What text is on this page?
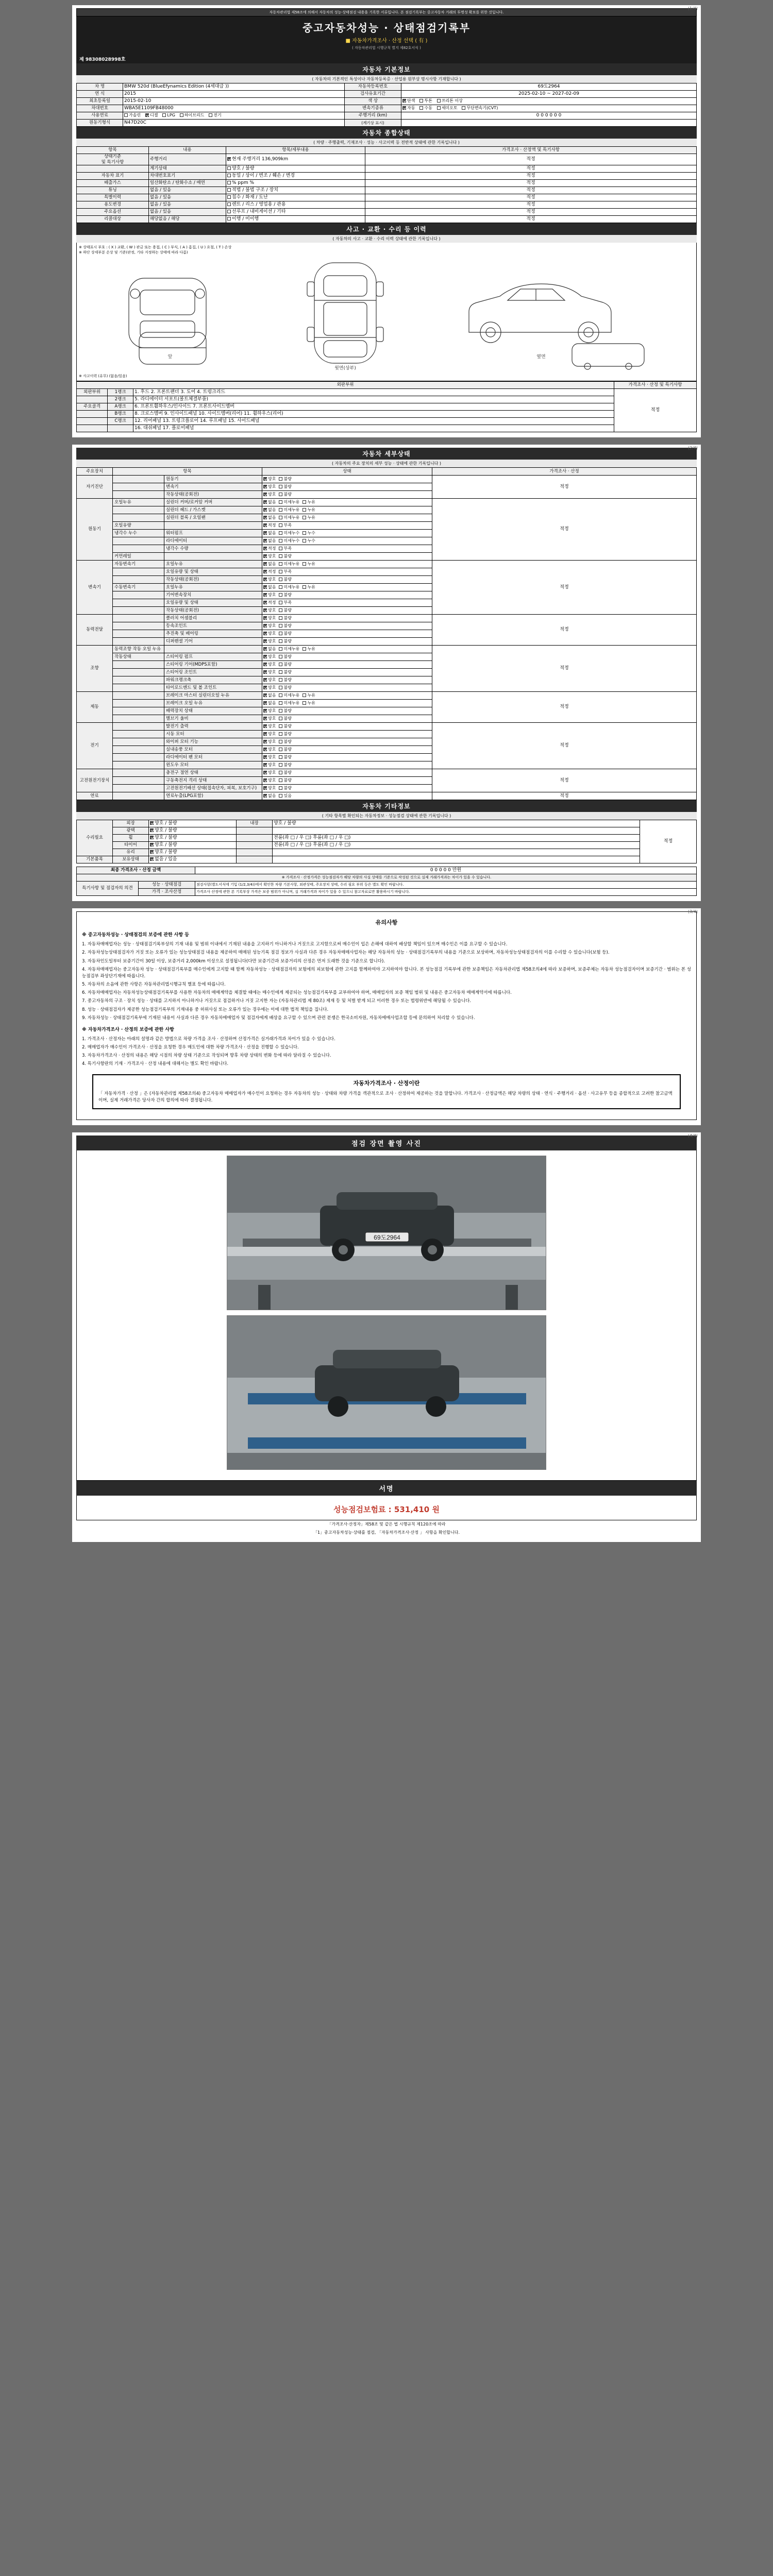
(1/4)
자동차관리법 제58조에 의해서 자동차의 성능·상태점검 내용을 기록한 서류입니다. 본 점검기록부는 중고자동차 거래의 투명성 확보를 위한 것입니다.
중고자동차성능 · 상태점검기록부
■ 자동차가격조사 · 산정 선택 ( 有 )
( 자동차관리법 시행규칙 별지 제82호서식 )
제 98308028998호
자동차 기본정보
( 자동차의 기본적인 특성이나 자동차등록증 · 산업용 원부상 명시사항 기재합니다 )
차 명	BMW 520d (BlueEfynamics Edition (4세대급 ))	자동차등록번호	69도2964
연 식	2015	검사유효기간	2025-02-10 ~ 2027-02-09
최초등록일	2015-02-10	색 상	단색 투톤 쓰리톤 이상
차대번호	WBA5E1109FB48000	변속기종류	자동 수동 세미오토 무단변속기(CVT)
사용연료	가솔린 디젤 LPG 하이브리드 전기	주행거리 (km)	0 0 0 0 0 0
원동기형식	N47D20C	(계기상 표시)	
자동차 종합상태
( 차량 · 주행출력, 기재조사 · 성능 · 사고이력 등 전반적 상태에 관한 기록입니다 )
항목	내용	항목/세부내용	가격조사 · 산정액 및 특기사항
상태기준
및 특기사항	주행거리	현재 주행거리 136,909km	적정
	계기상태	양호 / 불량	적정
자동차 표기	차대번호표기	동일 / 상이 / 변조 / 훼손 / 변경	적정
배출가스	일산화탄소 / 탄화수소 / 매연	% ppm %	적정
튜닝	없음 / 있음	적법 / 불법 구조 / 장치	적정
특별이력	없음 / 있음	침수 / 화재 / 도난	적정
용도변경	없음 / 있음	렌트 / 리스 / 영업용 / 관용	적정
주요옵션	없음 / 있음	선루프 / 내비게이션 / 기타	적정
리콜대상	해당없음 / 해당	이행 / 미이행	적정
사고 · 교환 · 수리 등 이력
( 자동차의 사고 · 교환 · 수리 이력 상태에 관한 기록입니다 )
※ 상태표시 부호 : ( X ) 교환, ( W ) 판금 또는 용접, ( C ) 부식, ( A ) 흠집, ( U ) 요철, ( T ) 손상
※ 하단 상세부분 손상 및 기준(판정, 기타 지정하는 상태에 따라 다름)
앞
윗면(상부)
옆면
※ 사고이력 (유무) (없음/있음)
외판부위			가격조사 · 산정 및 특기사항
외판부위	1랭크	1. 후드 2. 프론트팬더 3. 도어 4. 트렁크리드	적정
	2랭크	5. 라디에이터 서포트(볼트체결부품)	
주요골격	A랭크	6. 프론트휠하우스/인사이드 7. 프론트사이드멤버	
	B랭크	8. 크로스멤버 9. 인사이드패널 10. 사이드멤버(리어) 11. 휠하우스(리어)	
	C랭크	12. 리어패널 13. 트렁크플로어 14. 루프패널 15. 사이드패널	
		16. 대쉬패널 17. 플로어패널	
(2/4)
자동차 세부상태
( 자동차의 주요 장치의 세부 성능 · 상태에 관한 기록입니다 )
주요장치	항목		상태	가격조사 · 산정
자기진단		원동기	양호 불량	적정
		변속기	양호 불량	
		작동상태(공회전)	양호 불량	
원동기	오일누유	실린더 커버/로커암 커버	없음 미세누유 누유	적정
		실린더 헤드 / 가스켓	없음 미세누유 누유	
		실린더 블록 / 오일팬	없음 미세누유 누유	
	오일유량		적정 부족	
	냉각수 누수	워터펌프	없음 미세누수 누수	
		라디에이터	없음 미세누수 누수	
		냉각수 수량	적정 부족	
	커먼레일		양호 불량	
변속기	자동변속기	오일누유	없음 미세누유 누유	적정
		오일유량 및 상태	적정 부족	
		작동상태(공회전)	양호 불량	
	수동변속기	오일누유	없음 미세누유 누유	
		기어변속장치	양호 불량	
		오일유량 및 상태	적정 부족	
		작동상태(공회전)	양호 불량	
동력전달		클러치 어셈블리	양호 불량	적정
		등속조인트	양호 불량	
		추진축 및 베어링	양호 불량	
		디퍼렌셜 기어	양호 불량	
조향	동력조향 작동 오일 누유		없음 미세누유 누유	적정
	작동상태	스티어링 펌프	양호 불량	
		스티어링 기어(MDPS포함)	양호 불량	
		스티어링 조인트	양호 불량	
		파워크랭크축	양호 불량	
		타이로드엔드 및 볼 조인트	양호 불량	
제동		브레이크 마스터 실린더오일 누유	없음 미세누유 누유	적정
		브레이크 오일 누유	없음 미세누유 누유	
		배력장치 상태	양호 불량	
		별브기 울비	양호 불량	
전기		발전기 출력	양호 불량	적정
		시동 모터	양호 불량	
		와이퍼 모터 기능	양호 불량	
		실내송풍 모터	양호 불량	
		라디에이터 팬 모터	양호 불량	
		윈도우 모터	양호 불량	
고전원전기장치		충전구 절연 상태	양호 불량	적정
		구동축전지 격리 상태	양호 불량	
		고전원전기배선 상태(접속단자, 피복, 보호기구)	양호 불량	
연료		연료누출(LPG포함)	없음 있음	적정
자동차 기타정보
( 기타 항목별 확인되는 자동차정보 · 성능점검 상태에 관한 기록입니다 )
수리필요	외장	양호 / 불량	내장	양호 / 불량	적정
	광택	양호 / 불량			
	휠	양호 / 불량		전륜(좌 □ / 우 □) 후륜(좌 □ / 우 □)	
	타이어	양호 / 불량		전륜(좌 □ / 우 □) 후륜(좌 □ / 우 □)	
	유리	양호 / 불량			
기본품목	보유상태	없음 / 있음			
최종 가격조사 · 산정 금액		0 0 0 0 0 만원
※ 가격조사 · 산정가격은 성능점검자가 해당 차량의 사실 상태를 기준으로 작성된 것으로 실제 거래가격과는 차이가 있을 수 있습니다.		
특기사항 및 점검자의 의견	성능 · 상태점검	점검사항(별도서식에 기입 (1/2,3/4))에서 확인한 차량 기본사항, 외관상태, 주요장치 상태, 수리 필요 부위 등은 별도 확인 바랍니다.
	가격 · 조사산정	가격조사 산정에 관한 본 기록부상 가격은 보증 범위가 아니며, 실 거래가격과 차이가 있을 수 있으니 참고자료로만 활용하시기 바랍니다.
(3/4)
유의사항
※ 중고자동차성능 · 상태점검의 보증에 관한 사항 등
1. 자동차매매업자는 성능 · 상태점검기록부상의 기재 내용 및 범위 이내에서 기재된 내용을 고지하기 아니하거나 거짓으로 고지함으로써 매수인이 입은 손해에 대하여 배상할 책임이 있으며 매수인은 이를 요구할 수 있습니다.
2. 자동차성능상태점검자가 거짓 또는 오류가 있는 성능상태점검 내용을 제공하여 매매된 성능기록 점검 정보가 사실과 다른 경우 자동차매매사업자는 해당 자동차의 성능 · 상태점검기록부의 내용을 기준으로 보상하며, 자동차성능상태점검자의 이를 수리할 수 있습니다(보험 등).
3. 자동차인도일부터 보증기간이 30일 이상, 보증거리 2,000km 이상으로 설정됩니다(다만 보증기간과 보증거리의 산정은 먼저 도래한 것을 기준으로 합니다).
4. 자동차매매업자는 중고자동차 성능 · 상태점검기록부를 매수인에게 고지할 때 함께 자동차성능 · 상태점검자의 보험에의 피보험에 관한 고지를 함께하여야 고지하여야 합니다. 본 성능점검 기록부에 관한 보증책임은 자동차관리법 제58조의4에 따라 보증하며, 보증주체는 자동차 성능점검자이며 보증기간 · 범위는 본 성능점검부 좌상단기재에 따릅니다.
5. 자동차의 소음에 관한 사항은 자동차관리법시행규칙 별표 등에 따릅니다.
6. 자동차매매업자는 자동차성능상태점검기록부를 사용한 자동차의 매매계약을 체결할 때에는 매수인에게 제공되는 성능점검기록부를 교부하여야 하며, 매매업자의 보증 책임 범위 및 내용은 중고자동차 매매계약서에 따릅니다.
7. 중고자동차의 구조 · 장치 성능 · 상태를 고지하지 아니하거나 거짓으로 점검하거나 거짓 고지한 자는 (자동차관리법 제 80조) 제재 등 및 처벌 받게 되고 이러한 경우 또는 법령위반에 해당될 수 있습니다.
8. 성능 · 상태점검자가 제공한 성능점검기록부의 기재내용 중 허위사실 또는 오류가 있는 경우에는 이에 대한 법적 책임을 집니다.
9. 자동차성능 · 상태점검기록부에 기재된 내용이 사실과 다른 경우 자동차매매업자 및 점검자에게 배상을 요구할 수 있으며 관련 분쟁은 한국소비자원, 자동차매매사업조합 등에 문의하여 처리할 수 있습니다.
※ 자동차가격조사 · 산정의 보증에 관한 사항
1. 가격조사 · 산정자는 아래의 설명과 같은 방법으로 차량 가격을 조사 · 산정하며 산정가격은 실거래가격과 차이가 있을 수 있습니다.
2. 매매업자가 매수인이 가격조사 · 산정을 요청한 경우 매도인에 대한 차량 가격조사 · 산정을 진행할 수 있습니다.
3. 자동차가격조사 · 산정의 내용은 해당 시점의 차량 상태 기준으로 작성되며 향후 차량 상태의 변화 등에 따라 달라질 수 있습니다.
4. 특기사항란의 기재 · 가격조사 · 산정 내용에 대해서는 별도 확인 바랍니다.
자동차가격조사 · 산정이란
「 자동차가격 · 산정 」은 (자동차관리법 제58조의4) 중고자동차 매매업자가 매수인이 요청하는 경우 자동차의 성능 · 상태와 차량 가격을 객관적으로 조사 · 산정하여 제공하는 것을 말합니다. 가격조사 · 산정금액은 해당 차량의 상태 · 연식 · 주행거리 · 옵션 · 사고유무 등을 종합적으로 고려한 참고금액이며, 실제 거래가격은 당사자 간의 합의에 따라 결정됩니다.
(4/4)
점검 장면 촬영 사진
69도2964
서명
성능점검보험료 : 531,410 원
「가격조사·산정자」제58조 및 같은 법 시행규칙 제120조에 따라
「1」중고자동차성능·상태를 점검, 「자동차가격조사·산정 」 사항을 확인합니다.
